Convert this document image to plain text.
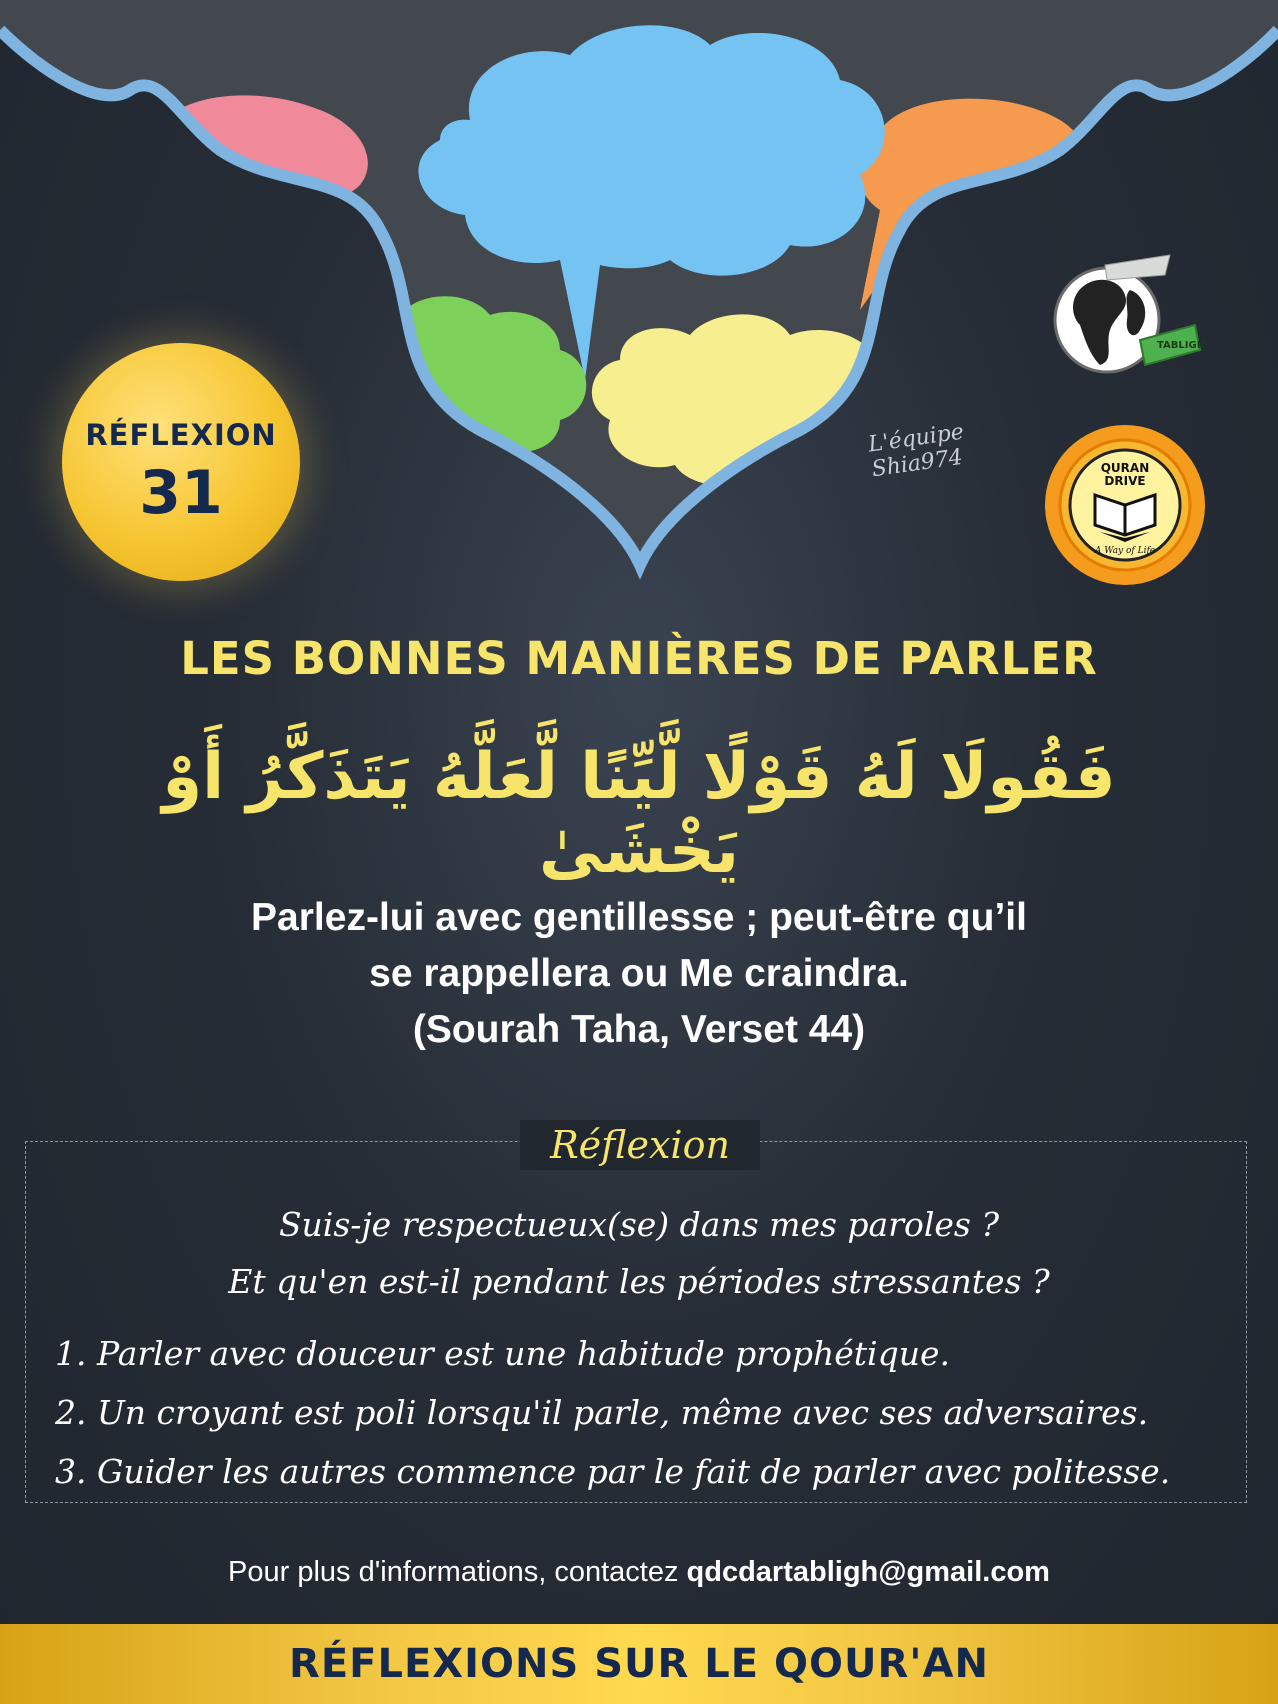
RÉFLEXION
31
L'équipe Shia974
TABLIGH
QURAN
DRIVE
A Way of Life
LES BONNES MANIÈRES DE PARLER
فَقُولَا لَهُ قَوْلًا لَّيِّنًا لَّعَلَّهُ يَتَذَكَّرُ أَوْ يَخْشَىٰ
Parlez-lui avec gentillesse ; peut-être qu’il
se rappellera ou Me craindra.
(Sourah Taha, Verset 44)
Réflexion
Suis-je respectueux(se) dans mes paroles ?
Et qu'en est-il pendant les périodes stressantes ?
1. Parler avec douceur est une habitude prophétique.
2. Un croyant est poli lorsqu'il parle, même avec ses adversaires.
3. Guider les autres commence par le fait de parler avec politesse.
Pour plus d'informations, contactez qdcdartabligh@gmail.com
RÉFLEXIONS SUR LE QOUR'AN
